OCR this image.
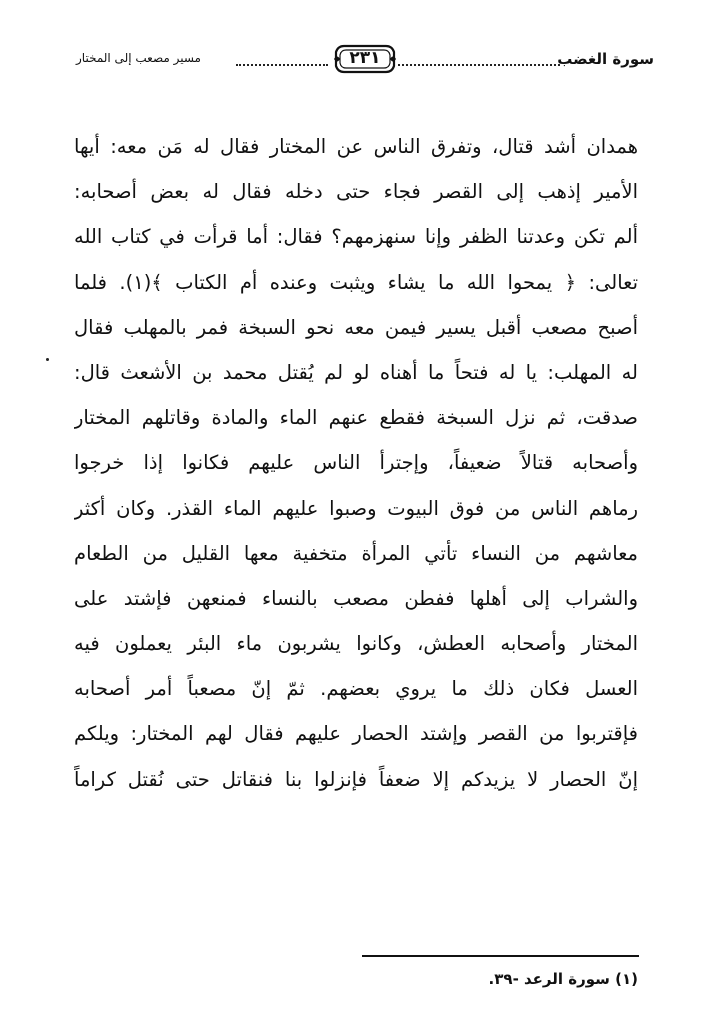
سورة الغضب
٢٣١
مسير مصعب إلى المختار
همدان أشد قتال، وتفرق الناس عن المختار فقال له مَن معه: أيها
الأمير إذهب إلى القصر فجاء حتى دخله فقال له بعض أصحابه:
ألم تكن وعدتنا الظفر وإنا سنهزمهم؟ فقال: أما قرأت في كتاب الله
تعالى: ﴿ يمحوا الله ما يشاء ويثبت وعنده أم الكتاب ﴾(١). فلما
أصبح مصعب أقبل يسير فيمن معه نحو السبخة فمر بالمهلب فقال
له المهلب: يا له فتحاً ما أهناه لو لم يُقتل محمد بن الأشعث قال:
صدقت، ثم نزل السبخة فقطع عنهم الماء والمادة وقاتلهم المختار
وأصحابه قتالاً ضعيفاً، وإجترأ الناس عليهم فكانوا إذا خرجوا
رماهم الناس من فوق البيوت وصبوا عليهم الماء القذر. وكان أكثر
معاشهم من النساء تأتي المرأة متخفية معها القليل من الطعام
والشراب إلى أهلها ففطن مصعب بالنساء فمنعهن فإشتد على
المختار وأصحابه العطش، وكانوا يشربون ماء البئر يعملون فيه
العسل فكان ذلك ما يروي بعضهم. ثمّ إنّ مصعباً أمر أصحابه
فإقتربوا من القصر وإشتد الحصار عليهم فقال لهم المختار: ويلكم
إنّ الحصار لا يزيدكم إلا ضعفاً فإنزلوا بنا فنقاتل حتى نُقتل كراماً
(١) سورة الرعد -٣٩.
